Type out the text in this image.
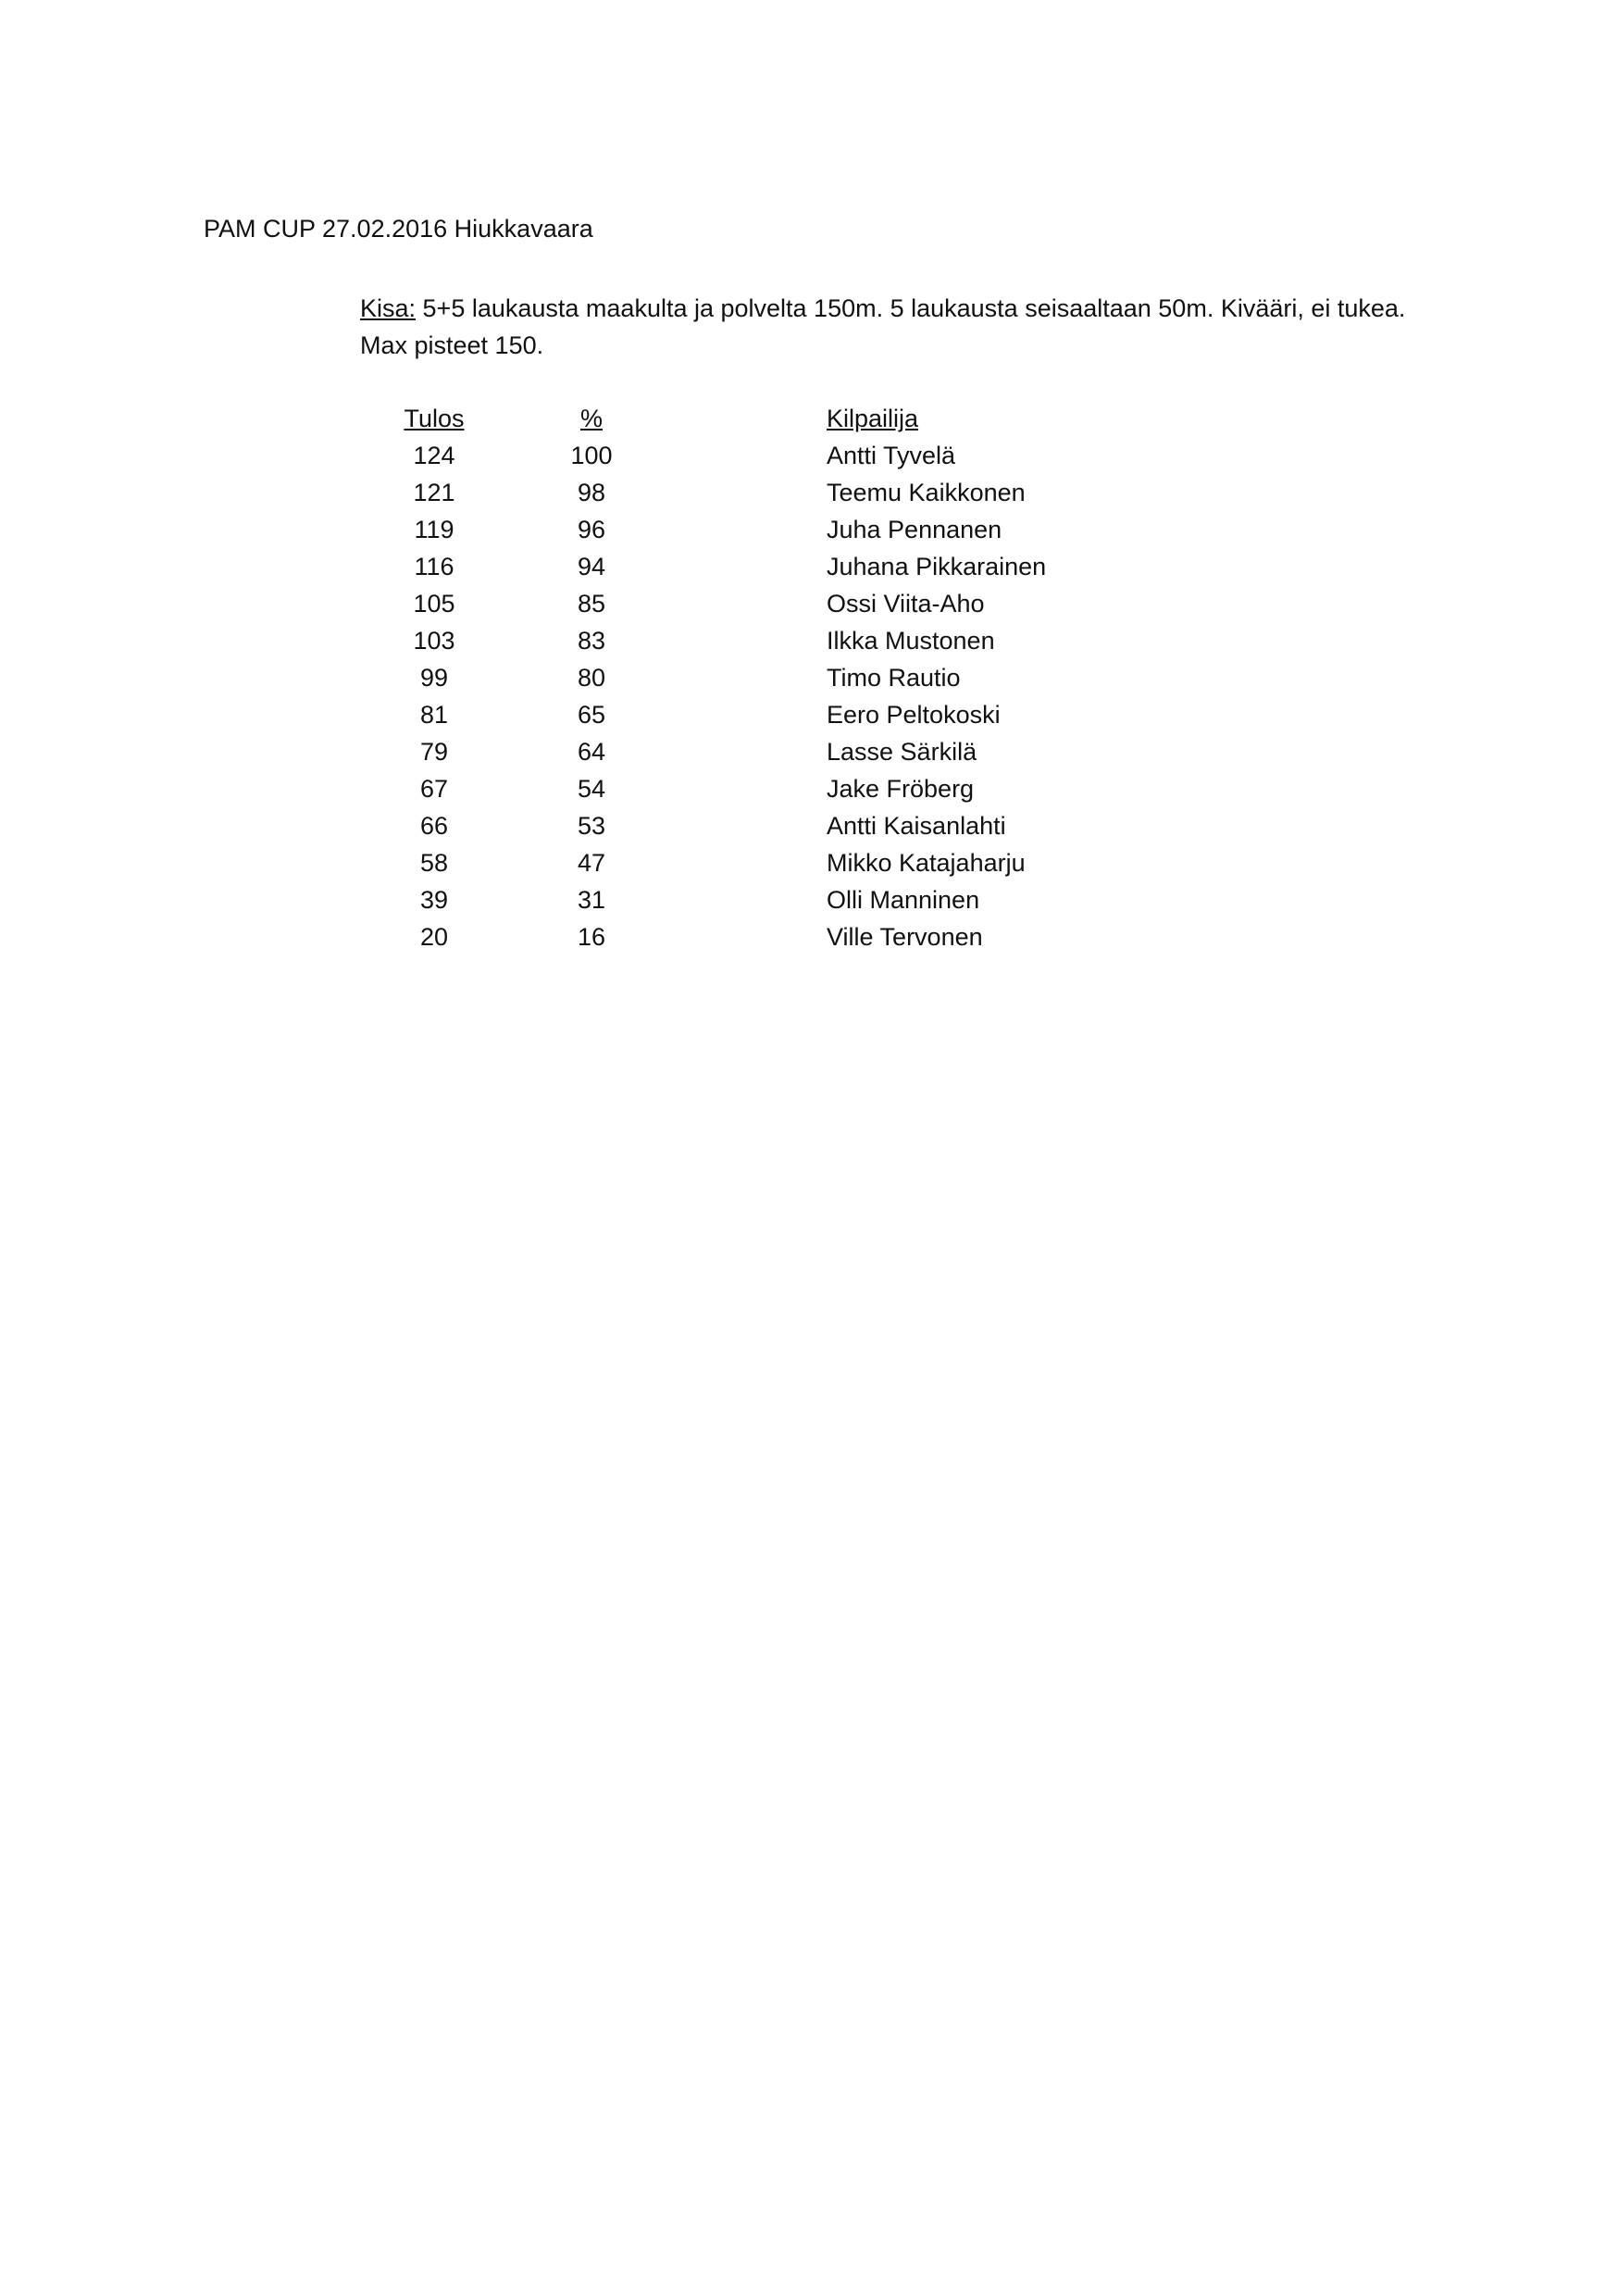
PAM CUP 27.02.2016 Hiukkavaara
Kisa: 5+5 laukausta maakulta ja polvelta 150m. 5 laukausta seisaaltaan 50m. Kivääri, ei tukea.
Max pisteet 150.
Tulos	%	Kilpailija
124	100	Antti Tyvelä
121	98	Teemu Kaikkonen
119	96	Juha Pennanen
116	94	Juhana Pikkarainen
105	85	Ossi Viita-Aho
103	83	Ilkka Mustonen
99	80	Timo Rautio
81	65	Eero Peltokoski
79	64	Lasse Särkilä
67	54	Jake Fröberg
66	53	Antti Kaisanlahti
58	47	Mikko Katajaharju
39	31	Olli Manninen
20	16	Ville Tervonen
